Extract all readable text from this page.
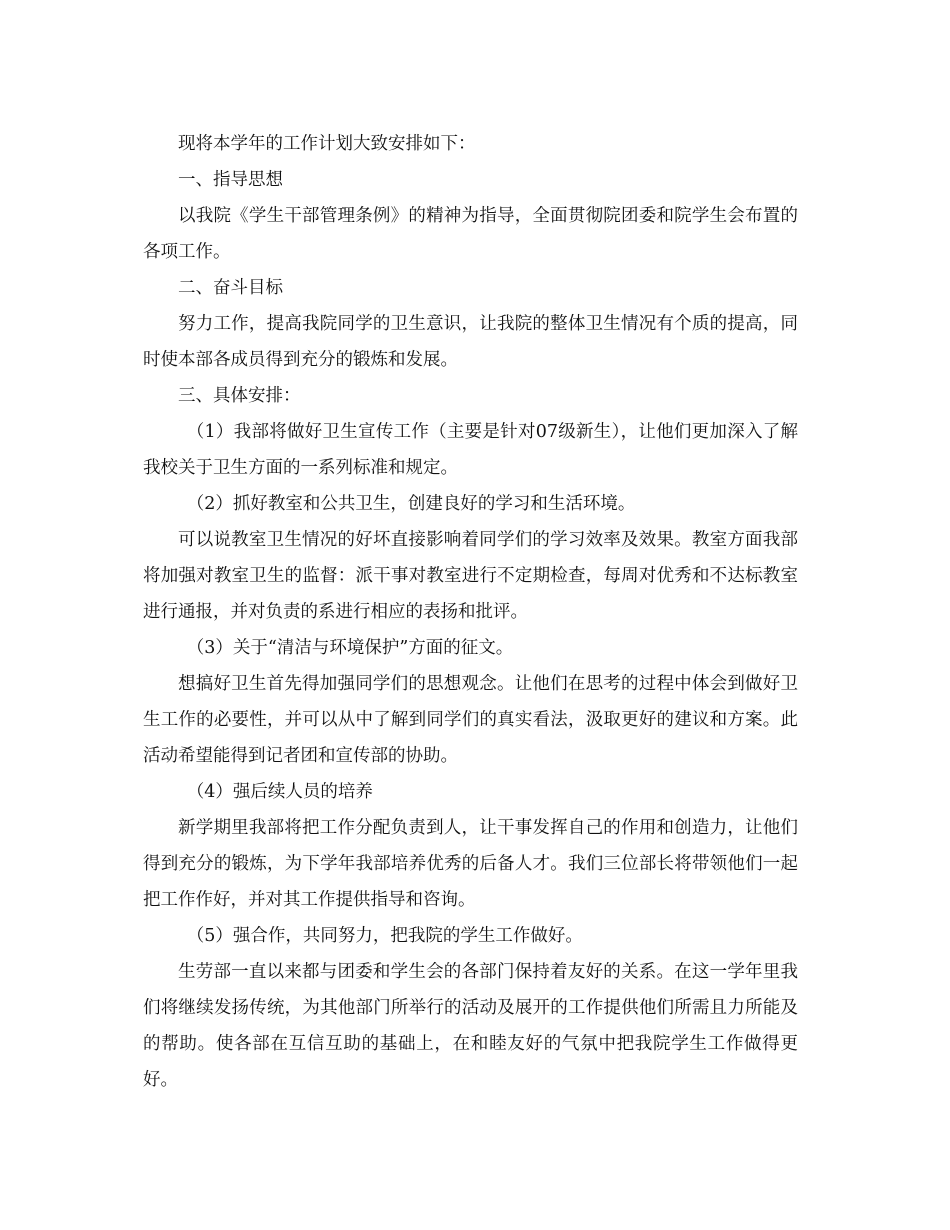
现将本学年的工作计划大致安排如下：

一、指导思想

以我院《学生干部管理条例》的精神为指导，全面贯彻院团委和院学生会布置的各项工作。

二、奋斗目标

努力工作，提高我院同学的卫生意识，让我院的整体卫生情况有个质的提高，同时使本部各成员得到充分的锻炼和发展。

三、具体安排：

（1）我部将做好卫生宣传工作（主要是针对07级新生），让他们更加深入了解我校关于卫生方面的一系列标准和规定。

（2）抓好教室和公共卫生，创建良好的学习和生活环境。

可以说教室卫生情况的好坏直接影响着同学们的学习效率及效果。教室方面我部将加强对教室卫生的监督：派干事对教室进行不定期检查，每周对优秀和不达标教室进行通报，并对负责的系进行相应的表扬和批评。

（3）关于“清洁与环境保护”方面的征文。

想搞好卫生首先得加强同学们的思想观念。让他们在思考的过程中体会到做好卫生工作的必要性，并可以从中了解到同学们的真实看法，汲取更好的建议和方案。此活动希望能得到记者团和宣传部的协助。

（4）强后续人员的培养

新学期里我部将把工作分配负责到人，让干事发挥自己的作用和创造力，让他们得到充分的锻炼，为下学年我部培养优秀的后备人才。我们三位部长将带领他们一起把工作作好，并对其工作提供指导和咨询。

（5）强合作，共同努力，把我院的学生工作做好。

生劳部一直以来都与团委和学生会的各部门保持着友好的关系。在这一学年里我们将继续发扬传统，为其他部门所举行的活动及展开的工作提供他们所需且力所能及的帮助。使各部在互信互助的基础上，在和睦友好的气氛中把我院学生工作做得更好。
